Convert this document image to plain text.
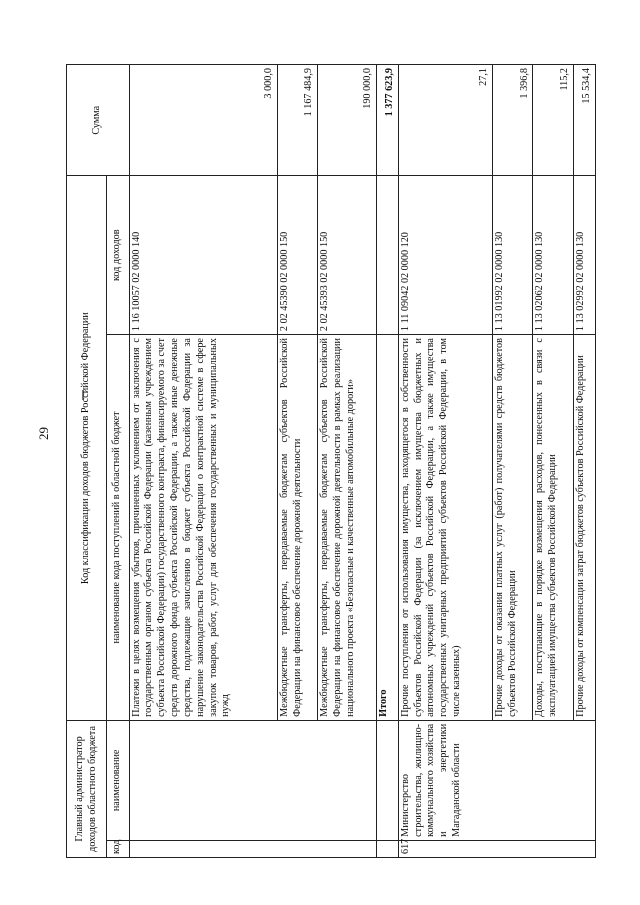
29
Главный администратор доходов областного бюджета		Код классификации доходов бюджетов Российской Федерации		Сумма
код	наименование	наименование кода поступлений в областной бюджет	код доходов	
		Платежи в целях возмещения убытков, причиненных уклонением от заключения с государственным органом субъекта Российской Федерации (казенным учреждением субъекта Российской Федерации) государственного контракта, финансируемого за счет средств дорожного фонда субъекта Российской Федерации, а также иные денежные средства, подлежащие зачислению в бюджет субъекта Российской Федерации за нарушение законодательства Российской Федерации о контрактной системе в сфере закупок товаров, работ, услуг для обеспечения государственных и муниципальных нужд	1 16 10057 02 0000 140	3 000,0
		Межбюджетные трансферты, передаваемые бюджетам субъектов Российской Федерации на финансовое обеспечение дорожной деятельности	2 02 45390 02 0000 150	1 167 484,9
		Межбюджетные трансферты, передаваемые бюджетам субъектов Российской Федерации на финансовое обеспечение дорожной деятельности в рамках реализации национального проекта «Безопасные и качественные автомобильные дороги»	2 02 45393 02 0000 150	190 000,0
		Итого		1 377 623,9
617	Министерство строительства, жилищно-коммунального хозяйства и энергетики Магаданской области	Прочие поступления от использования имущества, находящегося в собственности субъектов Российской Федерации (за исключением имущества бюджетных и автономных учреждений субъектов Российской Федерации, а также имущества государственных унитарных предприятий субъектов Российской Федерации, в том числе казенных)	1 11 09042 02 0000 120	27,1
		Прочие доходы от оказания платных услуг (работ) получателями средств бюджетов субъектов Российской Федерации	1 13 01992 02 0000 130	1 396,8
		Доходы, поступающие в порядке возмещения расходов, понесенных в связи с эксплуатацией имущества субъектов Российской Федерации	1 13 02062 02 0000 130	115,2
		Прочие доходы от компенсации затрат бюджетов субъектов Российской Федерации	1 13 02992 02 0000 130	15 534,4
